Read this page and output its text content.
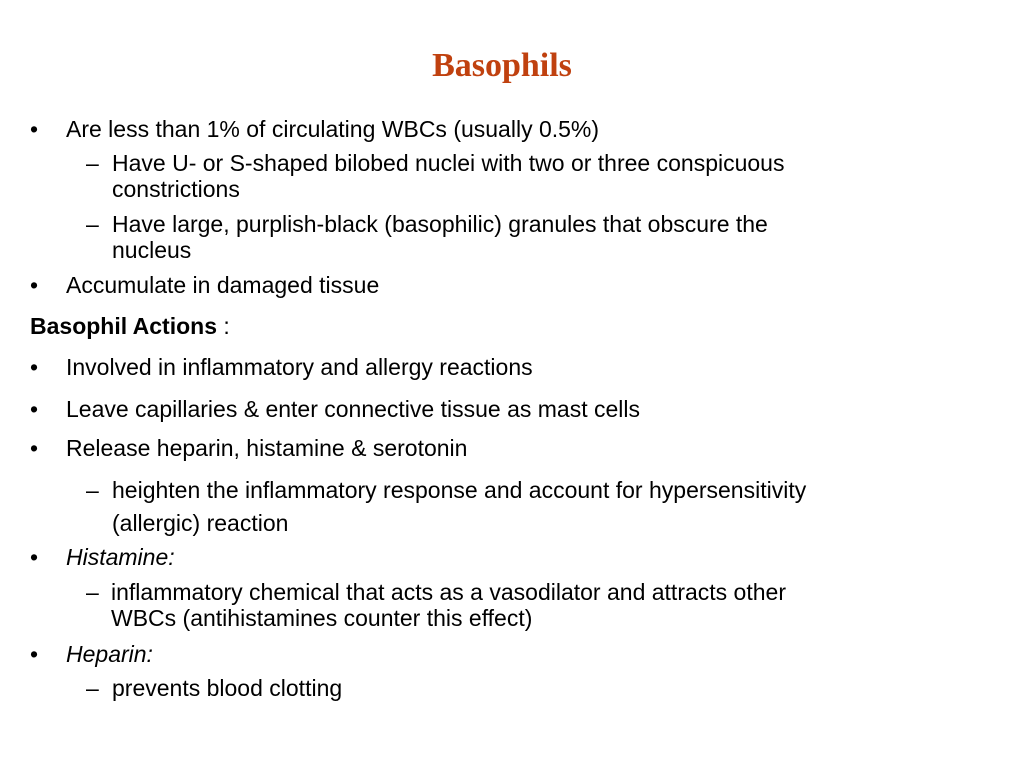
Basophils
• Are less than 1% of circulating WBCs (usually 0.5%)
– Have U- or S-shaped bilobed nuclei with two or three conspicuous
constrictions
– Have large, purplish-black (basophilic) granules that obscure the
nucleus
• Accumulate in damaged tissue
Basophil Actions :
• Involved in inflammatory and allergy reactions
• Leave capillaries & enter connective tissue as mast cells
• Release heparin, histamine & serotonin
– heighten the inflammatory response and account for hypersensitivity
(allergic) reaction
• Histamine:
– inflammatory chemical that acts as a vasodilator and attracts other
WBCs (antihistamines counter this effect)
• Heparin:
– prevents blood clotting
